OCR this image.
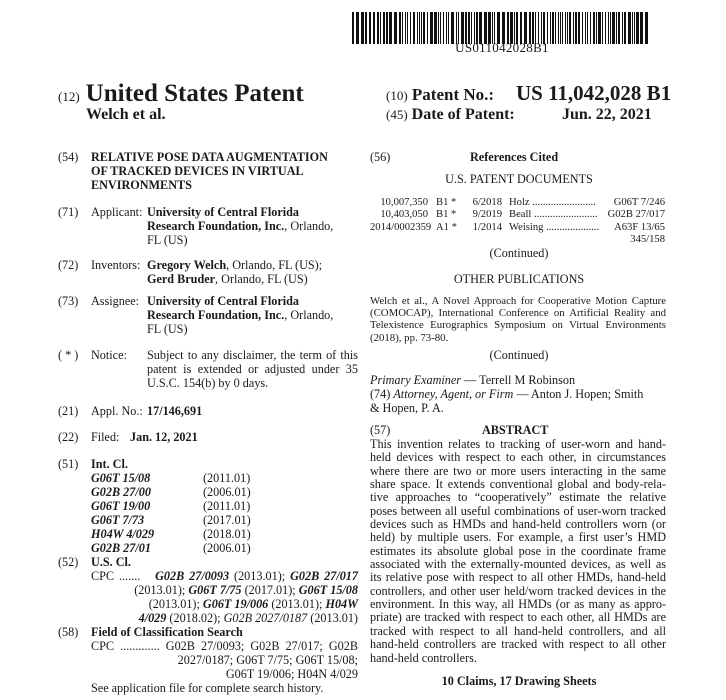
US011042028B1
(12) United States Patent
Welch et al.
(10) Patent No.: US 11,042,028 B1
(45) Date of Patent:	Jun. 22, 2021
(54) RELATIVE POSE DATA AUGMENTATION
OF TRACKED DEVICES IN VIRTUAL
ENVIRONMENTS
(71) Applicant: University of Central Florida
Research Foundation, Inc., Orlando,
FL (US)
(72) Inventors: Gregory Welch, Orlando, FL (US);
Gerd Bruder, Orlando, FL (US)
(73) Assignee: University of Central Florida
Research Foundation, Inc., Orlando,
FL (US)
( * ) Notice: Subject to any disclaimer, the term of this
patent is extended or adjusted under 35
U.S.C. 154(b) by 0 days.
(21) Appl. No.: 17/146,691
(22) Filed: Jan. 12, 2021
(51) Int. Cl.
G06T 15/08	(2011.01)
G02B 27/00	(2006.01)
G06T 19/00	(2011.01)
G06T 7/73	(2017.01)
H04W 4/029	(2018.01)
G02B 27/01	(2006.01)
(52) U.S. Cl.
CPC ....... G02B 27/0093 (2013.01); G02B 27/017
(2013.01); G06T 7/75 (2017.01); G06T 15/08
(2013.01); G06T 19/006 (2013.01); H04W
4/029 (2018.02); G02B 2027/0187 (2013.01)
(58) Field of Classification Search
CPC ............. G02B 27/0093; G02B 27/017; G02B
2027/0187; G06T 7/75; G06T 15/08;
G06T 19/006; H04N 4/029
See application file for complete search history.
(56)	References Cited
U.S. PATENT DOCUMENTS
10,007,350 B1 *	6/2018 Holz ........................ G06T 7/246
10,403,050 B1 *	9/2019 Beall ........................ G02B 27/017
2014/0002359 A1 *	1/2014 Weising .................... A63F 13/65
345/158
(Continued)
OTHER PUBLICATIONS
Welch et al., A Novel Approach for Cooperative Motion Capture
(COMOCAP), International Conference on Artificial Reality and
Telexistence Eurographics Symposium on Virtual Environments
(2018), pp. 73-80.
(Continued)
Primary Examiner — Terrell M Robinson
(74) Attorney, Agent, or Firm — Anton J. Hopen; Smith
& Hopen, P. A.
(57)	ABSTRACT
This invention relates to tracking of user-worn and hand-
held devices with respect to each other, in circumstances
where there are two or more users interacting in the same
share space. It extends conventional global and body-rela-
tive approaches to “cooperatively” estimate the relative
poses between all useful combinations of user-worn tracked
devices such as HMDs and hand-held controllers worn (or
held) by multiple users. For example, a first user’s HMD
estimates its absolute global pose in the coordinate frame
associated with the externally-mounted devices, as well as
its relative pose with respect to all other HMDs, hand-held
controllers, and other user held/worn tracked devices in the
environment. In this way, all HMDs (or as many as appro-
priate) are tracked with respect to each other, all HMDs are
tracked with respect to all hand-held controllers, and all
hand-held controllers are tracked with respect to all other
hand-held controllers.
10 Claims, 17 Drawing Sheets
